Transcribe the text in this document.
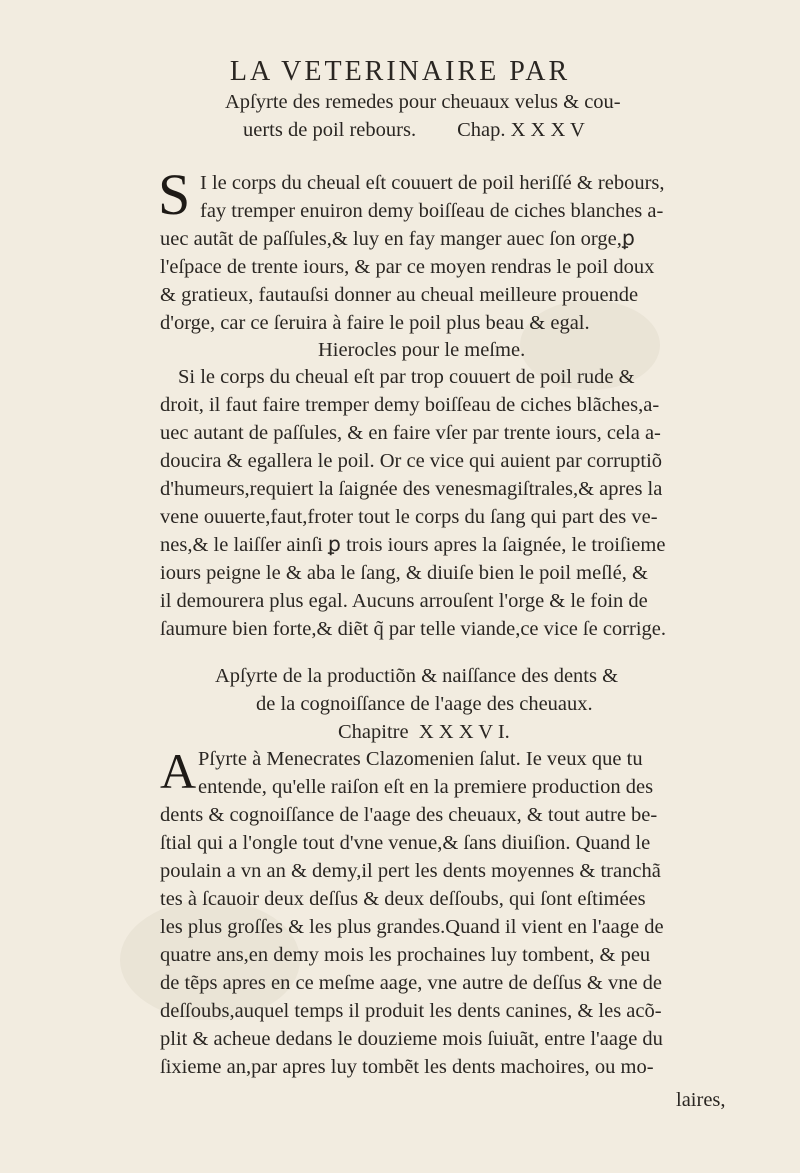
LA VETERINAIRE PAR
Apſyrte des remedes pour cheuaux velus & cou-
uerts de poil rebours.        Chap. X X X V
S I le corps du cheual eſt couuert de poil heriſſé & rebours,
fay tremper enuiron demy boiſſeau de ciches blanches a-
uec autãt de paſſules,& luy en fay manger auec ſon orge,ꝑ
l'eſpace de trente iours, & par ce moyen rendras le poil doux
& gratieux, fautauſsi donner au cheual meilleure prouende
d'orge, car ce ſeruira à faire le poil plus beau & egal.
Hierocles pour le meſme.
Si le corps du cheual eſt par trop couuert de poil rude &
droit, il faut faire tremper demy boiſſeau de ciches blãches,a-
uec autant de paſſules, & en faire vſer par trente iours, cela a-
doucira & egallera le poil. Or ce vice qui auient par corruptiõ
d'humeurs,requiert la ſaignée des venesmagiſtrales,& apres la
vene ouuerte,faut,froter tout le corps du ſang qui part des ve-
nes,& le laiſſer ainſi ꝑ trois iours apres la ſaignée, le troiſieme
iours peigne le & aba le ſang, & diuiſe bien le poil meſlé, &
il demourera plus egal. Aucuns arrouſent l'orge & le foin de
ſaumure bien forte,& diẽt q̃ par telle viande,ce vice ſe corrige.
Apſyrte de la productiõn & naiſſance des dents &
de la cognoiſſance de l'aage des cheuaux.
Chapitre  X X X V I.
A Pſyrte à Menecrates Clazomenien ſalut. Ie veux que tu
entende, qu'elle raiſon eſt en la premiere production des
dents & cognoiſſance de l'aage des cheuaux, & tout autre be-
ſtial qui a l'ongle tout d'vne venue,& ſans diuiſion. Quand le
poulain a vn an & demy,il pert les dents moyennes & tranchã
tes à ſcauoir deux deſſus & deux deſſoubs, qui ſont eſtimées
les plus groſſes & les plus grandes.Quand il vient en l'aage de
quatre ans,en demy mois les prochaines luy tombent, & peu
de tẽps apres en ce meſme aage, vne autre de deſſus & vne de
deſſoubs,auquel temps il produit les dents canines, & les acõ-
plit & acheue dedans le douzieme mois ſuiuãt, entre l'aage du
ſixieme an,par apres luy tombẽt les dents machoires, ou mo-
laires,
